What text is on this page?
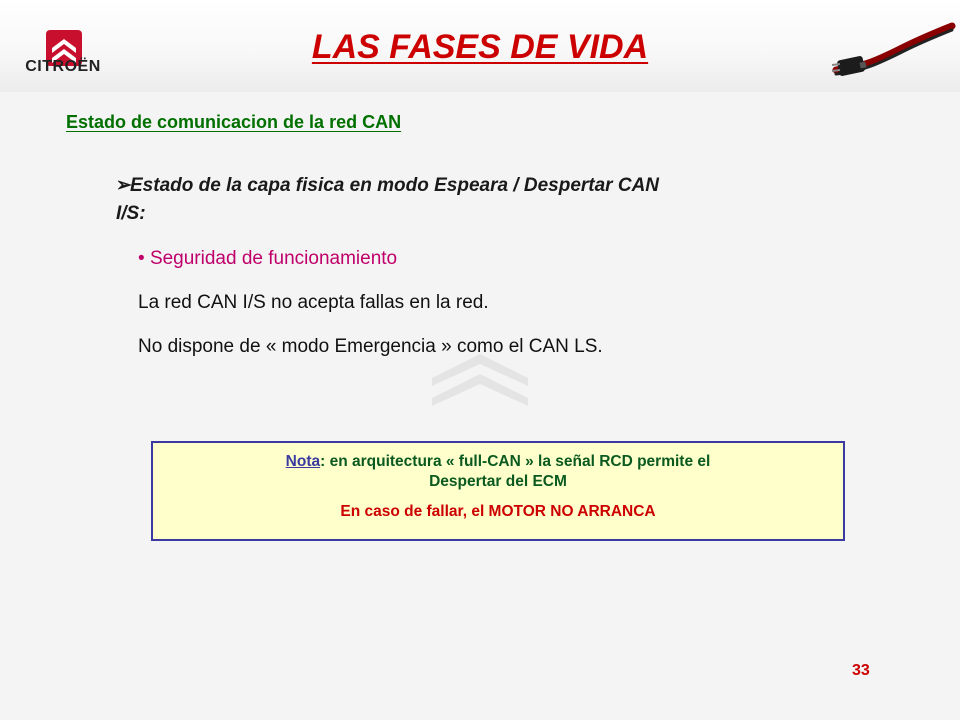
CITROËN
LAS FASES DE VIDA
Estado de comunicacion de la red CAN
➢Estado de la capa fisica en modo Espeara / Despertar CAN
I/S:
• Seguridad de funcionamiento
La red CAN I/S no acepta fallas en la red.
No dispone de « modo Emergencia » como el CAN LS.
Nota: en arquitectura « full-CAN » la señal RCD permite el
Despertar del ECM
En caso de fallar, el MOTOR NO ARRANCA
33
